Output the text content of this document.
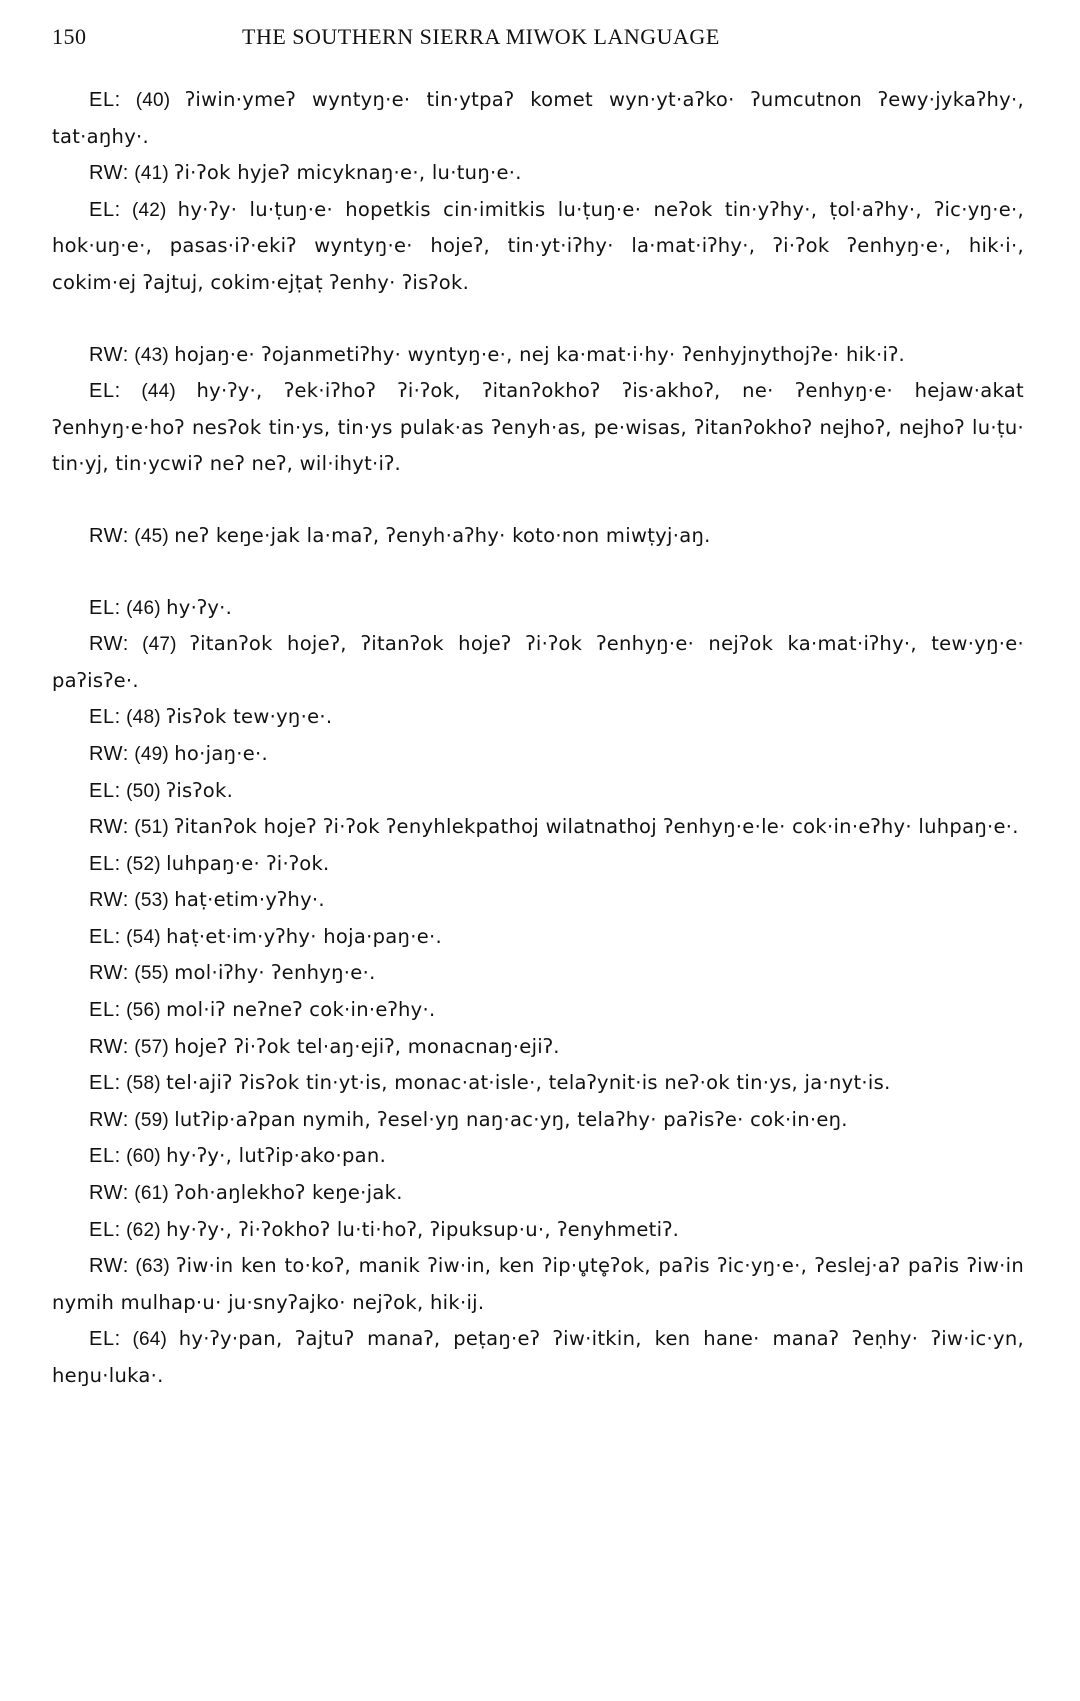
150	THE SOUTHERN SIERRA MIWOK LANGUAGE

EL: (40) ʔiwin·ymeʔ wyntyŋ·e· tin·ytpaʔ komet wyn·yt·aʔko· ʔumcutnon ʔewy·jykaʔhy·, tat·aŋhy·.

RW: (41) ʔi·ʔok hyjeʔ micyknaŋ·e·, lu·tuŋ·e·.

EL: (42) hy·ʔy· lu·ṭuŋ·e· hopetkis cin·imitkis lu·ṭuŋ·e· neʔok tin·yʔhy·, ṭol·aʔhy·, ʔic·yŋ·e·, hok·uŋ·e·, pasas·iʔ·ekiʔ wyntyŋ·e· hojeʔ, tin·yt·iʔhy· la·mat·iʔhy·, ʔi·ʔok ʔenhyŋ·e·, hik·i·, cokim·ej ʔajtuj, cokim·ejṭaṭ ʔenhy· ʔisʔok.

RW: (43) hojaŋ·e· ʔojanmetiʔhy· wyntyŋ·e·, nej ka·mat·i·hy· ʔenhyjnythojʔe· hik·iʔ.

EL: (44) hy·ʔy·, ʔek·iʔhoʔ ʔi·ʔok, ʔitanʔokhoʔ ʔis·akhoʔ, ne· ʔenhyŋ·e· hejaw·akat ʔenhyŋ·e·hoʔ nesʔok tin·ys, tin·ys pulak·as ʔenyh·as, pe·wisas, ʔitanʔokhoʔ nejhoʔ, nejhoʔ lu·ṭu· tin·yj, tin·ycwiʔ neʔ neʔ, wil·ihyt·iʔ.

RW: (45) neʔ keŋe·jak la·maʔ, ʔenyh·aʔhy· koto·non miwṭyj·aŋ.

EL: (46) hy·ʔy·.

RW: (47) ʔitanʔok hojeʔ, ʔitanʔok hojeʔ ʔi·ʔok ʔenhyŋ·e· nejʔok ka·mat·iʔhy·, tew·yŋ·e· paʔisʔe·.

EL: (48) ʔisʔok tew·yŋ·e·.

RW: (49) ho·jaŋ·e·.

EL: (50) ʔisʔok.

RW: (51) ʔitanʔok hojeʔ ʔi·ʔok ʔenyhlekpathoj wilatnathoj ʔenhyŋ·e·le· cok·in·eʔhy· luhpaŋ·e·.

EL: (52) luhpaŋ·e· ʔi·ʔok.

RW: (53) haṭ·etim·yʔhy·.

EL: (54) haṭ·et·im·yʔhy· hoja·paŋ·e·.

RW: (55) mol·iʔhy· ʔenhyŋ·e·.

EL: (56) mol·iʔ neʔneʔ cok·in·eʔhy·.

RW: (57) hojeʔ ʔi·ʔok tel·aŋ·ejiʔ, monacnaŋ·ejiʔ.

EL: (58) tel·ajiʔ ʔisʔok tin·yt·is, monac·at·isle·, telaʔynit·is neʔ·ok tin·ys, ja·nyt·is.

RW: (59) lutʔip·aʔpan nymih, ʔesel·yŋ naŋ·ac·yŋ, telaʔhy· paʔisʔe· cok·in·eŋ.

EL: (60) hy·ʔy·, lutʔip·ako·pan.

RW: (61) ʔoh·aŋlekhoʔ keŋe·jak.

EL: (62) hy·ʔy·, ʔi·ʔokhoʔ lu·ti·hoʔ, ʔipuksup·u·, ʔenyhmetiʔ.

RW: (63) ʔiw·in ken to·koʔ, manik ʔiw·in, ken ʔip·u̥te̥ʔok, paʔis ʔic·yŋ·e·, ʔeslej·aʔ paʔis ʔiw·in nymih mulhap·u· ju·snyʔajko· nejʔok, hik·ij.

EL: (64) hy·ʔy·pan, ʔajtuʔ manaʔ, peṭaŋ·eʔ ʔiw·itkin, ken hane· manaʔ ʔeṇhy· ʔiw·ic·yn, heŋu·luka·.
